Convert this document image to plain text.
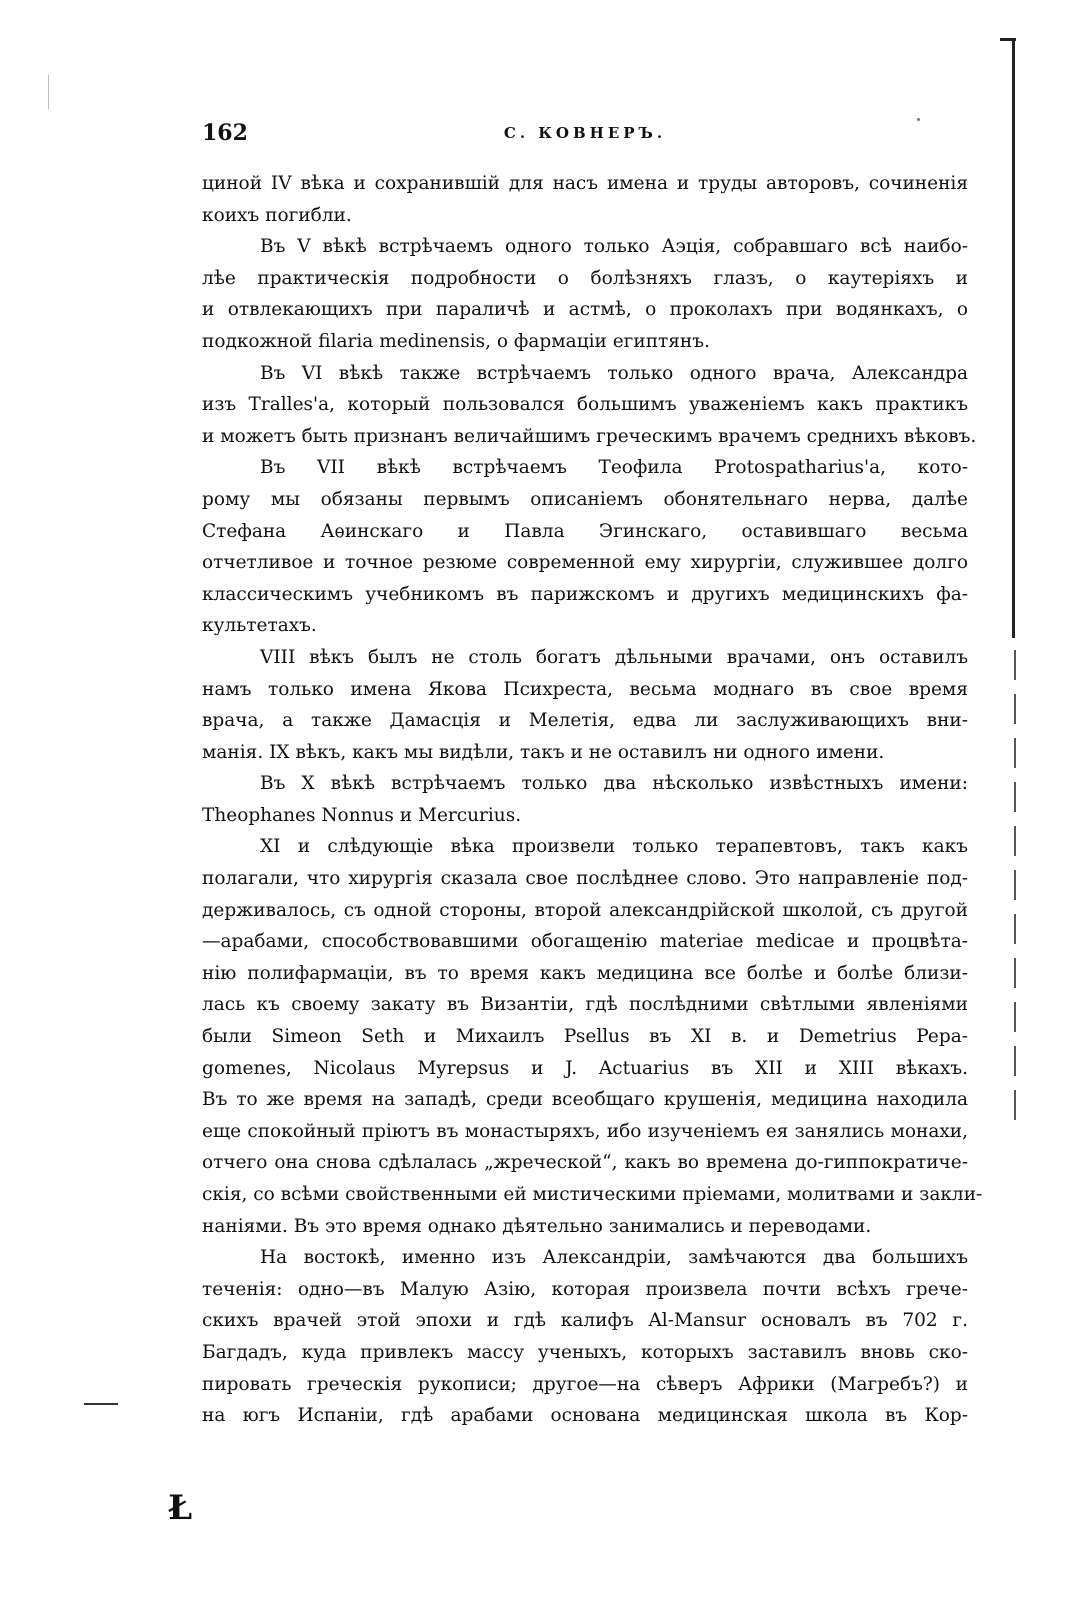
162	С. КОВНЕРЪ.
циной IV вѣка и сохранившій для насъ имена и труды авторовъ, сочиненія
коихъ погибли.
Въ V вѣкѣ встрѣчаемъ одного только Аэція, собравшаго всѣ наибо-
лѣе практическія подробности о болѣзняхъ глазъ, о каутеріяхъ и
и отвлекающихъ при параличѣ и астмѣ, о проколахъ при водянкахъ, о
подкожной filaria medinensis, о фармаціи египтянъ.
Въ VI вѣкѣ также встрѣчаемъ только одного врача, Александра
изъ Tralles'a, который пользовался большимъ уваженіемъ какъ практикъ
и можетъ быть признанъ величайшимъ греческимъ врачемъ среднихъ вѣковъ.
Въ VII вѣкѣ встрѣчаемъ Теофила Protospatharius'a, кото-
рому мы обязаны первымъ описаніемъ обонятельнаго нерва, далѣе
Стефана Аѳинскаго и Павла Эгинскаго, оставившаго весьма
отчетливое и точное резюме современной ему хирургіи, служившее долго
классическимъ учебникомъ въ парижскомъ и другихъ медицинскихъ фа-
культетахъ.
VIII вѣкъ былъ не столь богатъ дѣльными врачами, онъ оставилъ
намъ только имена Якова Психреста, весьма моднаго въ свое время
врача, а также Дамасція и Мелетія, едва ли заслуживающихъ вни-
манія. IX вѣкъ, какъ мы видѣли, такъ и не оставилъ ни одного имени.
Въ X вѣкѣ встрѣчаемъ только два нѣсколько извѣстныхъ имени:
Theophanes Nonnus и Mercurius.
XI и слѣдующіе вѣка произвели только терапевтовъ, такъ какъ
полагали, что хирургія сказала свое послѣднее слово. Это направленіе под-
держивалось, съ одной стороны, второй александрійской школой, съ другой
—арабами, способствовавшими обогащенію materiae medicae и процвѣта-
нію полифармаціи, въ то время какъ медицина все болѣе и болѣе близи-
лась къ своему закату въ Византіи, гдѣ послѣдними свѣтлыми явленіями
были Simeon Seth и Михаилъ Psellus въ XI в. и Demetrius Pepa-
gomenes, Nicolaus Myrepsus и J. Actuarius въ XII и XIII вѣкахъ.
Въ то же время на западѣ, среди всеобщаго крушенія, медицина находила
еще спокойный пріютъ въ монастыряхъ, ибо изученіемъ ея занялись монахи,
отчего она снова сдѣлалась „жреческой“, какъ во времена до-гиппократиче-
скія, со всѣми свойственными ей мистическими пріемами, молитвами и закли-
наніями. Въ это время однако дѣятельно занимались и переводами.
На востокѣ, именно изъ Александріи, замѣчаются два большихъ
теченія: одно—въ Малую Азію, которая произвела почти всѣхъ грече-
скихъ врачей этой эпохи и гдѣ калифъ Al-Mansur основалъ въ 702 г.
Багдадъ, куда привлекъ массу ученыхъ, которыхъ заставилъ вновь ско-
пировать греческія рукописи; другое—на сѣверъ Африки (Магребъ?) и
на югъ Испаніи, гдѣ арабами основана медицинская школа въ Кор-
Ł
